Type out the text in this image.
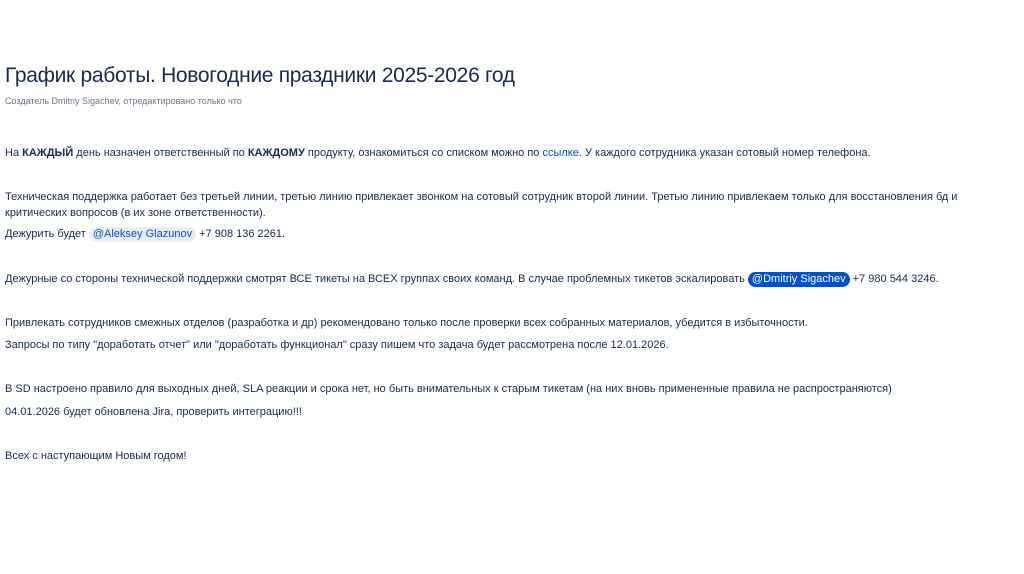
График работы. Новогодние праздники 2025-2026 год
Создатель Dmitriy Sigachev, отредактировано только что

На КАЖДЫЙ день назначен ответственный по КАЖДОМУ продукту, ознакомиться со списком можно по ссылке. У каждого сотрудника указан сотовый номер телефона.

Техническая поддержка работает без третьей линии, третью линию привлекает звонком на сотовый сотрудник второй линии. Третью линию привлекаем только для восстановления бд и критических вопросов (в их зоне ответственности).

Дежурить будет @Aleksey Glazunov +7 908 136 2261.

Дежурные со стороны технической поддержки смотрят ВСЕ тикеты на ВСЕХ группах своих команд. В случае проблемных тикетов эскалировать @Dmitriy Sigachev +7 980 544 3246.

Привлекать сотрудников смежных отделов (разработка и др) рекомендовано только после проверки всех собранных материалов, убедится в избыточности.

Запросы по типу "доработать отчет" или "доработать функционал" сразу пишем что задача будет рассмотрена после 12.01.2026.

В SD настроено правило для выходных дней, SLA реакции и срока нет, но быть внимательных к старым тикетам (на них вновь примененные правила не распространяются)

04.01.2026 будет обновлена Jira, проверить интеграцию!!!

Всех с наступающим Новым годом!
